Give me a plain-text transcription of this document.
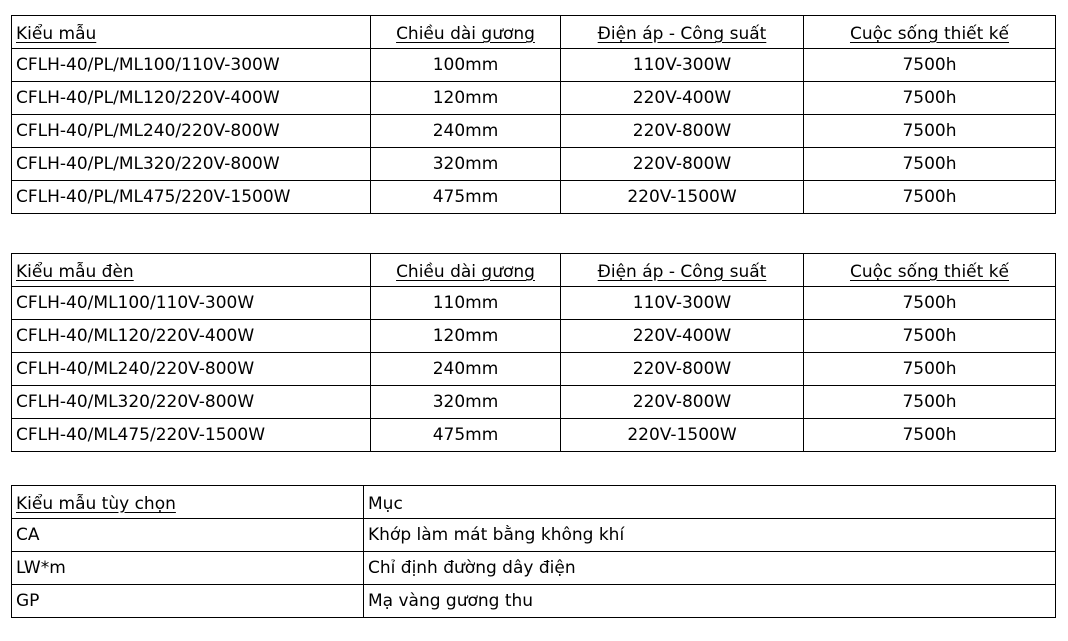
Kiểu mẫu	Chiều dài gương	Điện áp - Công suất	Cuộc sống thiết kế
CFLH-40/PL/ML100/110V-300W	100mm	110V-300W	7500h
CFLH-40/PL/ML120/220V-400W	120mm	220V-400W	7500h
CFLH-40/PL/ML240/220V-800W	240mm	220V-800W	7500h
CFLH-40/PL/ML320/220V-800W	320mm	220V-800W	7500h
CFLH-40/PL/ML475/220V-1500W	475mm	220V-1500W	7500h
Kiểu mẫu đèn	Chiều dài gương	Điện áp - Công suất	Cuộc sống thiết kế
CFLH-40/ML100/110V-300W	110mm	110V-300W	7500h
CFLH-40/ML120/220V-400W	120mm	220V-400W	7500h
CFLH-40/ML240/220V-800W	240mm	220V-800W	7500h
CFLH-40/ML320/220V-800W	320mm	220V-800W	7500h
CFLH-40/ML475/220V-1500W	475mm	220V-1500W	7500h
Kiểu mẫu tùy chọn	Mục
CA	Khớp làm mát bằng không khí
LW*m	Chỉ định đường dây điện
GP	Mạ vàng gương thu
